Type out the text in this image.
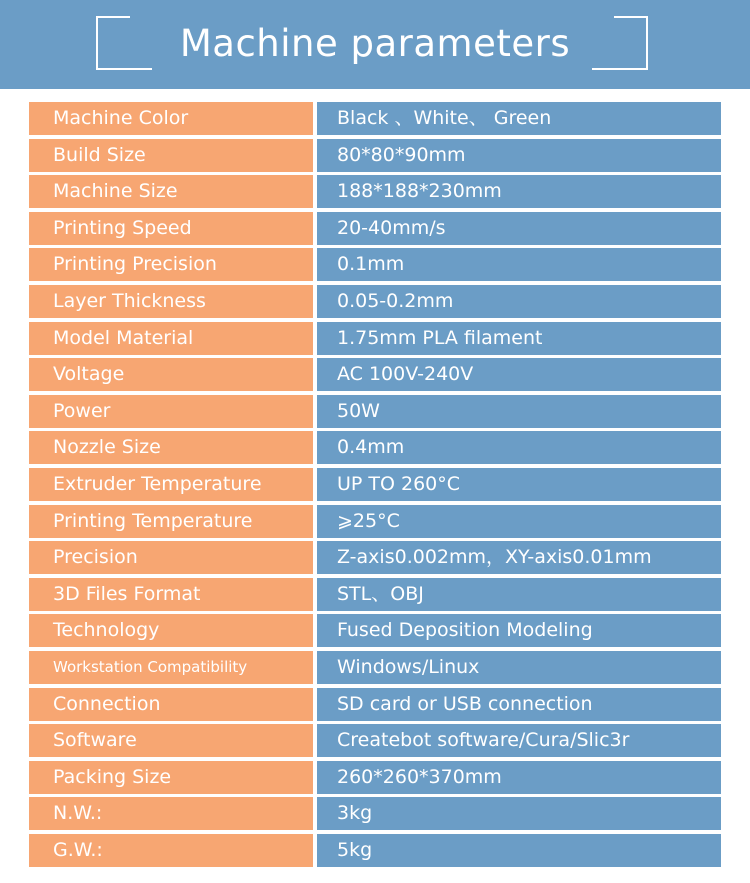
Machine parameters
Machine Color	Black 、White、 Green
Build Size	80*80*90mm
Machine Size	188*188*230mm
Printing Speed	20-40mm/s
Printing Precision	0.1mm
Layer Thickness	0.05-0.2mm
Model Material	1.75mm PLA filament
Voltage	AC 100V-240V
Power	50W
Nozzle Size	0.4mm
Extruder Temperature	UP TO 260°C
Printing Temperature	⩾25°C
Precision	Z-axis0.002mm，XY-axis0.01mm
3D Files Format	STL、OBJ
Technology	Fused Deposition Modeling
Workstation Compatibility	Windows/Linux
Connection	SD card or USB connection
Software	Createbot software/Cura/Slic3r
Packing Size	260*260*370mm
N.W.:	3kg
G.W.:	5kg
